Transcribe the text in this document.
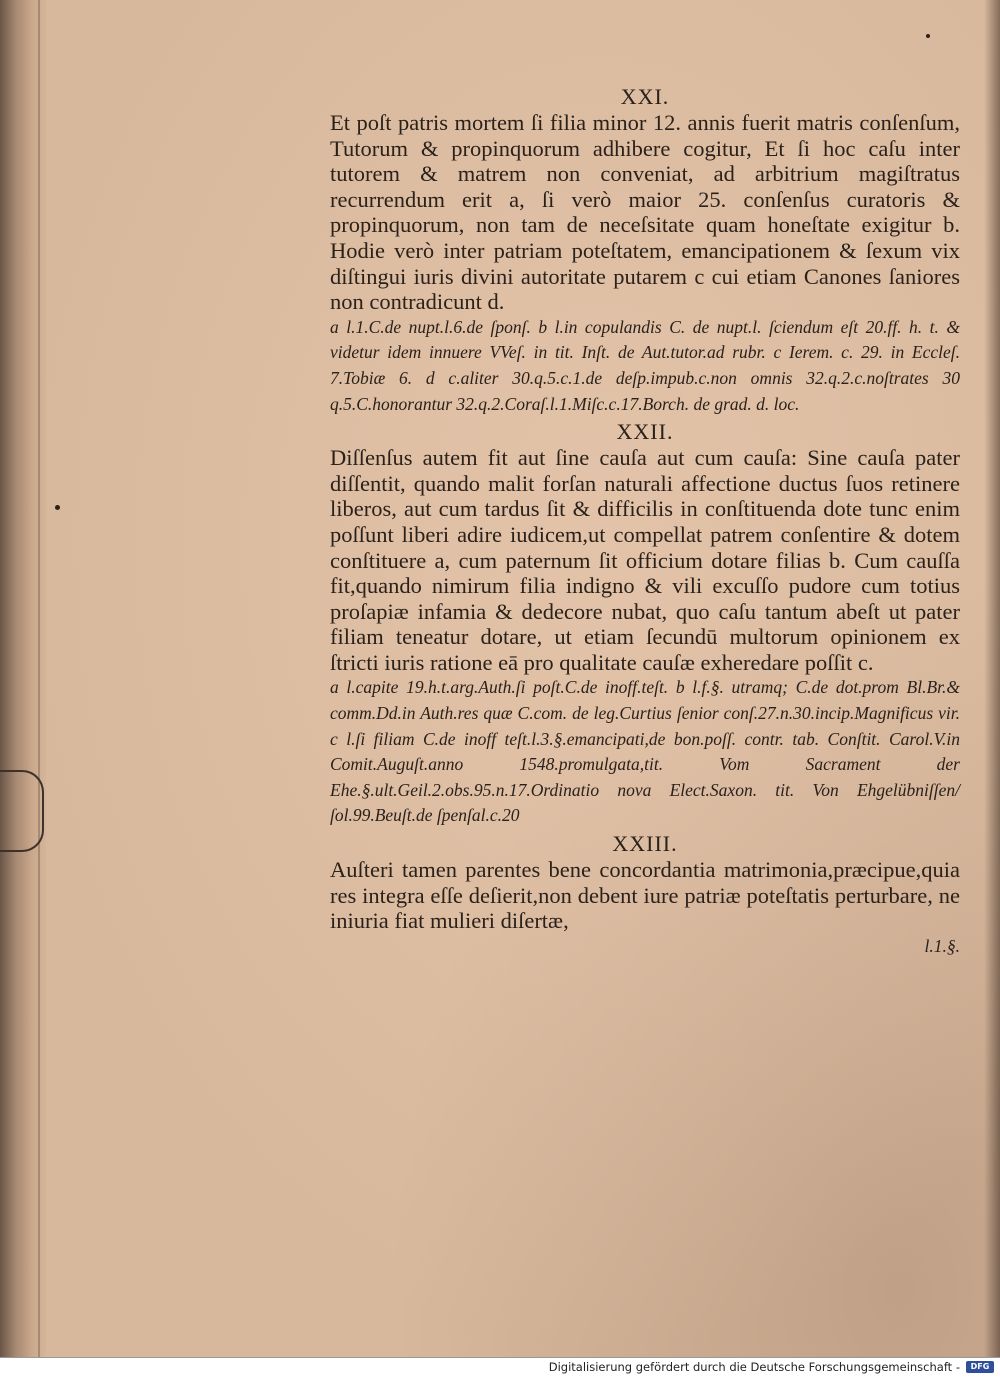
XXI.

Et poſt patris mortem ſi filia minor 12. annis fuerit matris conſenſum, Tutorum & propinquorum adhibere cogitur, Et ſi hoc caſu inter tutorem & matrem non conveniat, ad arbitrium magiſtratus recurrendum erit a, ſi verò maior 25. conſenſus curatoris & propinquorum, non tam de neceſsitate quam honeſtate exigitur b. Hodie verò inter patriam poteſtatem, emancipationem & ſexum vix diſtingui iuris divini autoritate putarem c cui etiam Canones ſaniores non contradicunt d.

a l.1.C.de nupt.l.6.de ſponſ. b l.in copulandis C. de nupt.l. ſciendum eſt 20.ff. h. t. & videtur idem innuere VVeſ. in tit. Inſt. de Aut.tutor.ad rubr. c Ierem. c. 29. in Eccleſ. 7.Tobiæ 6. d c.aliter 30.q.5.c.1.de deſp.impub.c.non omnis 32.q.2.c.noſtrates 30 q.5.C.honorantur 32.q.2.Coraſ.l.1.Miſc.c.17.Borch. de grad. d. loc.

XXII.

Diſſenſus autem fit aut ſine cauſa aut cum cauſa: Sine cauſa pater diſſentit, quando malit forſan naturali affectione ductus ſuos retinere liberos, aut cum tardus ſit & difficilis in conſtituenda dote tunc enim poſſunt liberi adire iudicem,ut compellat patrem conſentire & dotem conſtituere a, cum paternum ſit officium dotare filias b. Cum cauſſa fit,quando nimirum filia indigno & vili excuſſo pudore cum totius proſapiæ infamia & dedecore nubat, quo caſu tantum abeſt ut pater filiam teneatur dotare, ut etiam ſecundū multorum opinionem ex ſtricti iuris ratione eā pro qualitate cauſæ exheredare poſſit c.

a l.capite 19.h.t.arg.Auth.ſi poſt.C.de inoff.teſt. b l.f.§. utramq; C.de dot.prom Bl.Br.& comm.Dd.in Auth.res quæ C.com. de leg.Curtius ſenior conſ.27.n.30.incip.Magnificus vir. c l.ſi filiam C.de inoff teſt.l.3.§.emancipati,de bon.poſſ. contr. tab. Conſtit. Carol.V.in Comit.Auguſt.anno 1548.promulgata,tit. Vom Sacrament der Ehe.§.ult.Geil.2.obs.95.n.17.Ordinatio nova Elect.Saxon. tit. Von Ehgelübniſſen/ ſol.99.Beuſt.de ſpenſal.c.20

XXIII.

Auſteri tamen parentes bene concordantia matrimonia,præcipue,quia res integra eſſe deſierit,non debent iure patriæ poteſtatis perturbare, ne iniuria fiat mulieri diſertæ,

l.1.§.
Digitalisierung gefördert durch die Deutsche Forschungsgemeinschaft -	DFG
